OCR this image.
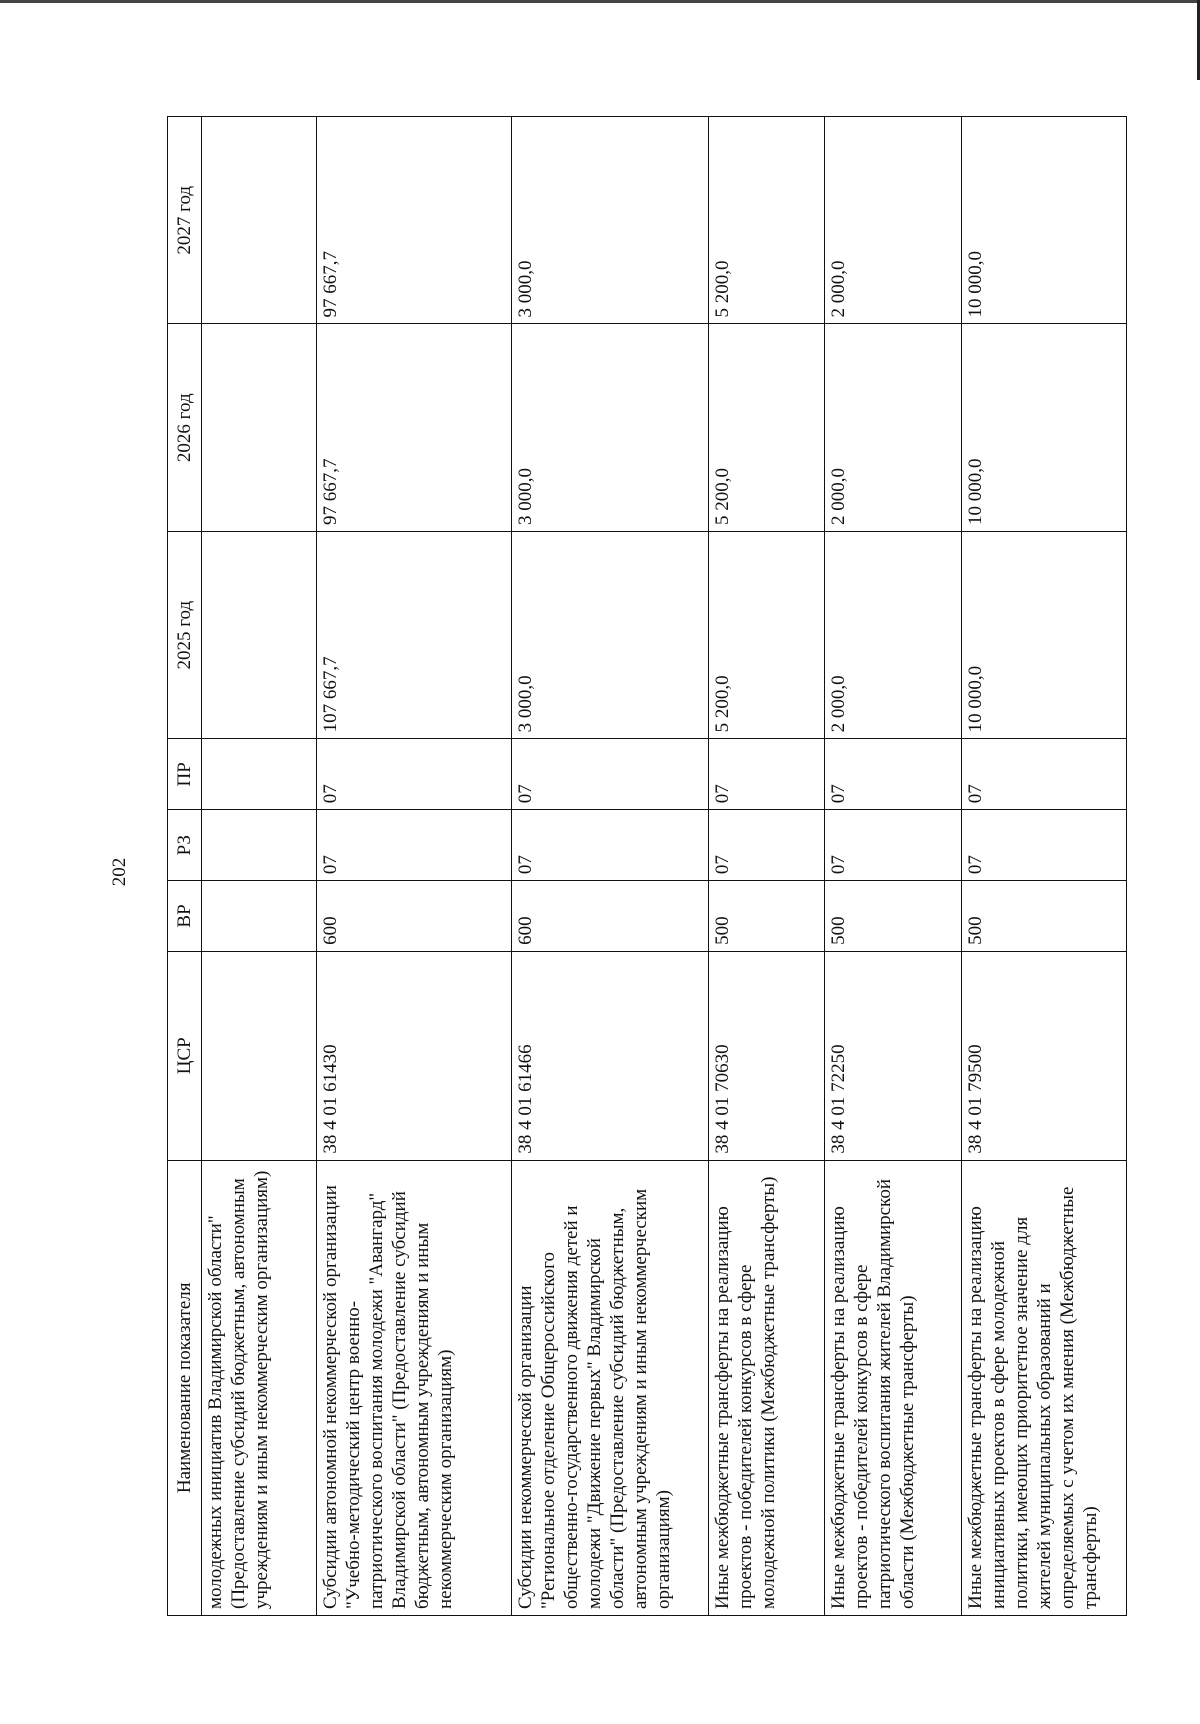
202
Наименование показателя	ЦСР	ВР	РЗ	ПР	2025 год	2026 год	2027 год
молодежных инициатив Владимирской области" (Предоставление субсидий бюджетным, автономным учреждениям и иным некоммерческим организациям)							
Субсидии автономной некоммерческой организации "Учебно-методический центр военно-патриотического воспитания молодежи "Авангард" Владимирской области" (Предоставление субсидий бюджетным, автономным учреждениям и иным некоммерческим организациям)	38 4 01 61430	600	07	07	107 667,7	97 667,7	97 667,7
Субсидии некоммерческой организации "Региональное отделение Общероссийского общественно-государственного движения детей и молодежи "Движение первых" Владимирской области" (Предоставление субсидий бюджетным, автономным учреждениям и иным некоммерческим организациям)	38 4 01 61466	600	07	07	3 000,0	3 000,0	3 000,0
Иные межбюджетные трансферты на реализацию проектов - победителей конкурсов в сфере молодежной политики (Межбюджетные трансферты)	38 4 01 70630	500	07	07	5 200,0	5 200,0	5 200,0
Иные межбюджетные трансферты на реализацию проектов - победителей конкурсов в сфере патриотического воспитания жителей Владимирской области (Межбюджетные трансферты)	38 4 01 72250	500	07	07	2 000,0	2 000,0	2 000,0
Иные межбюджетные трансферты на реализацию инициативных проектов в сфере молодежной политики, имеющих приоритетное значение для жителей муниципальных образований и определяемых с учетом их мнения (Межбюджетные трансферты)	38 4 01 79500	500	07	07	10 000,0	10 000,0	10 000,0
